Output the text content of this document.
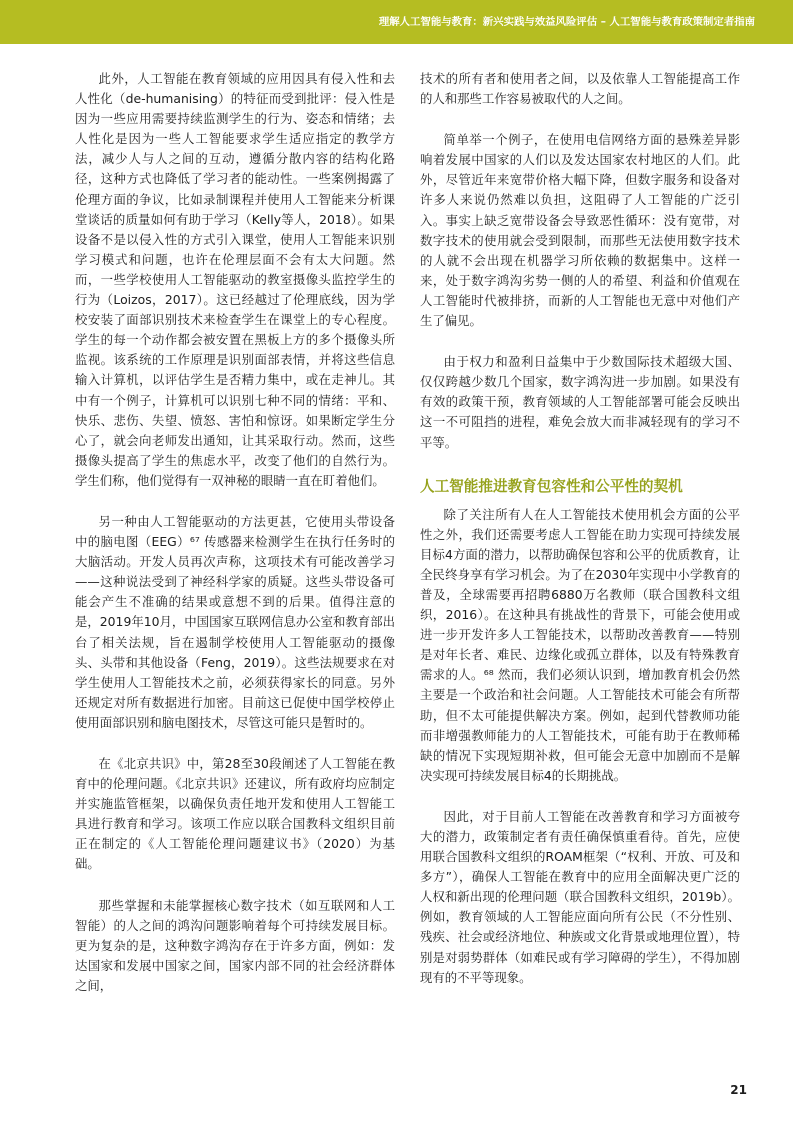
理解人工智能与教育：新兴实践与效益风险评估 – 人工智能与教育政策制定者指南

此外，人工智能在教育领域的应用因具有侵入性和去人性化（de-humanising）的特征而受到批评：侵入性是因为一些应用需要持续监测学生的行为、姿态和情绪；去人性化是因为一些人工智能要求学生适应指定的教学方法，减少人与人之间的互动，遵循分散内容的结构化路径，这种方式也降低了学习者的能动性。一些案例揭露了伦理方面的争议，比如录制课程并使用人工智能来分析课堂谈话的质量如何有助于学习（Kelly等人，2018）。如果设备不是以侵入性的方式引入课堂，使用人工智能来识别学习模式和问题，也许在伦理层面不会有太大问题。然而，一些学校使用人工智能驱动的教室摄像头监控学生的行为（Loizos，2017）。这已经越过了伦理底线，因为学校安装了面部识别技术来检查学生在课堂上的专心程度。学生的每一个动作都会被安置在黑板上方的多个摄像头所监视。该系统的工作原理是识别面部表情，并将这些信息输入计算机，以评估学生是否精力集中，或在走神儿。其中有一个例子，计算机可以识别七种不同的情绪：平和、快乐、悲伤、失望、愤怒、害怕和惊讶。如果断定学生分心了，就会向老师发出通知，让其采取行动。然而，这些摄像头提高了学生的焦虑水平，改变了他们的自然行为。学生们称，他们觉得有一双神秘的眼睛一直在盯着他们。

另一种由人工智能驱动的方法更甚，它使用头带设备中的脑电图（EEG）⁶⁷ 传感器来检测学生在执行任务时的大脑活动。开发人员再次声称，这项技术有可能改善学习——这种说法受到了神经科学家的质疑。这些头带设备可能会产生不准确的结果或意想不到的后果。值得注意的是，2019年10月，中国国家互联网信息办公室和教育部出台了相关法规，旨在遏制学校使用人工智能驱动的摄像头、头带和其他设备（Feng，2019）。这些法规要求在对学生使用人工智能技术之前，必须获得家长的同意。另外还规定对所有数据进行加密。目前这已促使中国学校停止使用面部识别和脑电图技术，尽管这可能只是暂时的。

在《北京共识》中，第28至30段阐述了人工智能在教育中的伦理问题。《北京共识》还建议，所有政府均应制定并实施监管框架，以确保负责任地开发和使用人工智能工具进行教育和学习。该项工作应以联合国教科文组织目前正在制定的《人工智能伦理问题建议书》（2020）为基础。

那些掌握和未能掌握核心数字技术（如互联网和人工智能）的人之间的鸿沟问题影响着每个可持续发展目标。更为复杂的是，这种数字鸿沟存在于许多方面，例如：发达国家和发展中国家之间，国家内部不同的社会经济群体之间，

技术的所有者和使用者之间，以及依靠人工智能提高工作的人和那些工作容易被取代的人之间。

简单举一个例子，在使用电信网络方面的悬殊差异影响着发展中国家的人们以及发达国家农村地区的人们。此外，尽管近年来宽带价格大幅下降，但数字服务和设备对许多人来说仍然难以负担，这阻碍了人工智能的广泛引入。事实上缺乏宽带设备会导致恶性循环：没有宽带，对数字技术的使用就会受到限制，而那些无法使用数字技术的人就不会出现在机器学习所依赖的数据集中。这样一来，处于数字鸿沟劣势一侧的人的希望、利益和价值观在人工智能时代被排挤，而新的人工智能也无意中对他们产生了偏见。

由于权力和盈利日益集中于少数国际技术超级大国、仅仅跨越少数几个国家，数字鸿沟进一步加剧。如果没有有效的政策干预，教育领域的人工智能部署可能会反映出这一不可阻挡的进程，难免会放大而非减轻现有的学习不平等。

人工智能推进教育包容性和公平性的契机

除了关注所有人在人工智能技术使用机会方面的公平性之外，我们还需要考虑人工智能在助力实现可持续发展目标4方面的潜力，以帮助确保包容和公平的优质教育，让全民终身享有学习机会。为了在2030年实现中小学教育的普及，全球需要再招聘6880万名教师（联合国教科文组织，2016）。在这种具有挑战性的背景下，可能会使用或进一步开发许多人工智能技术，以帮助改善教育——特别是对年长者、难民、边缘化或孤立群体，以及有特殊教育需求的人。⁶⁸ 然而，我们必须认识到，增加教育机会仍然主要是一个政治和社会问题。人工智能技术可能会有所帮助，但不太可能提供解决方案。例如，起到代替教师功能而非增强教师能力的人工智能技术，可能有助于在教师稀缺的情况下实现短期补救，但可能会无意中加剧而不是解决实现可持续发展目标4的长期挑战。

因此，对于目前人工智能在改善教育和学习方面被夸大的潜力，政策制定者有责任确保慎重看待。首先，应使用联合国教科文组织的ROAM框架（“权利、开放、可及和多方”），确保人工智能在教育中的应用全面解决更广泛的人权和新出现的伦理问题（联合国教科文组织，2019b）。例如，教育领域的人工智能应面向所有公民（不分性别、残疾、社会或经济地位、种族或文化背景或地理位置），特别是对弱势群体（如难民或有学习障碍的学生），不得加剧现有的不平等现象。

21
